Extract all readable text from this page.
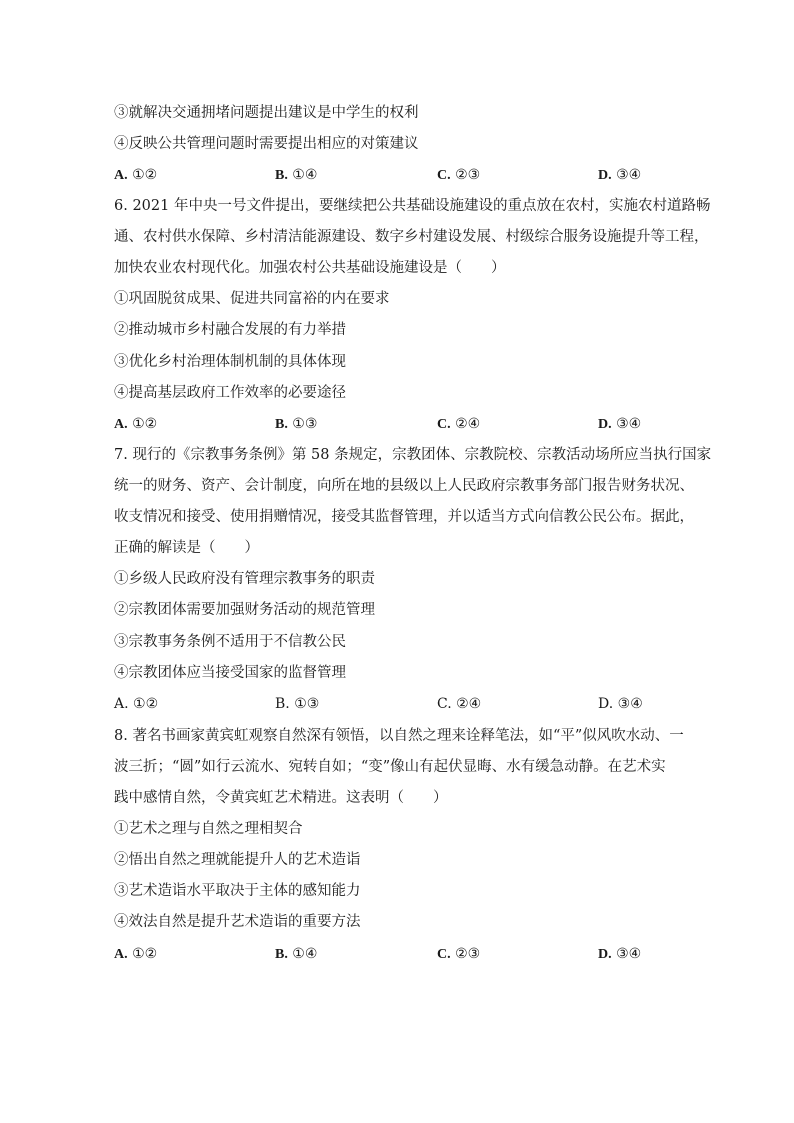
③就解决交通拥堵问题提出建议是中学生的权利
④反映公共管理问题时需要提出相应的对策建议
A. ①②	B. ①④	C. ②③	D. ③④
6. 2021 年中央一号文件提出，要继续把公共基础设施建设的重点放在农村，实施农村道路畅
通、农村供水保障、乡村清洁能源建设、数字乡村建设发展、村级综合服务设施提升等工程，
加快农业农村现代化。加强农村公共基础设施建设是（　　）
①巩固脱贫成果、促进共同富裕的内在要求
②推动城市乡村融合发展的有力举措
③优化乡村治理体制机制的具体体现
④提高基层政府工作效率的必要途径
A. ①②	B. ①③	C. ②④	D. ③④
7. 现行的《宗教事务条例》第 58 条规定，宗教团体、宗教院校、宗教活动场所应当执行国家
统一的财务、资产、会计制度，向所在地的县级以上人民政府宗教事务部门报告财务状况、
收支情况和接受、使用捐赠情况，接受其监督管理，并以适当方式向信教公民公布。据此，
正确的解读是（　　）
①乡级人民政府没有管理宗教事务的职责
②宗教团体需要加强财务活动的规范管理
③宗教事务条例不适用于不信教公民
④宗教团体应当接受国家的监督管理
A. ①②	B. ①③	C. ②④	D. ③④
8. 著名书画家黄宾虹观察自然深有领悟，以自然之理来诠释笔法，如“平”似风吹水动、一
波三折；“圆”如行云流水、宛转自如；“变”像山有起伏显晦、水有缓急动静。在艺术实
践中感情自然，令黄宾虹艺术精进。这表明（　　）
①艺术之理与自然之理相契合
②悟出自然之理就能提升人的艺术造诣
③艺术造诣水平取决于主体的感知能力
④效法自然是提升艺术造诣的重要方法
A. ①②	B. ①④	C. ②③	D. ③④
